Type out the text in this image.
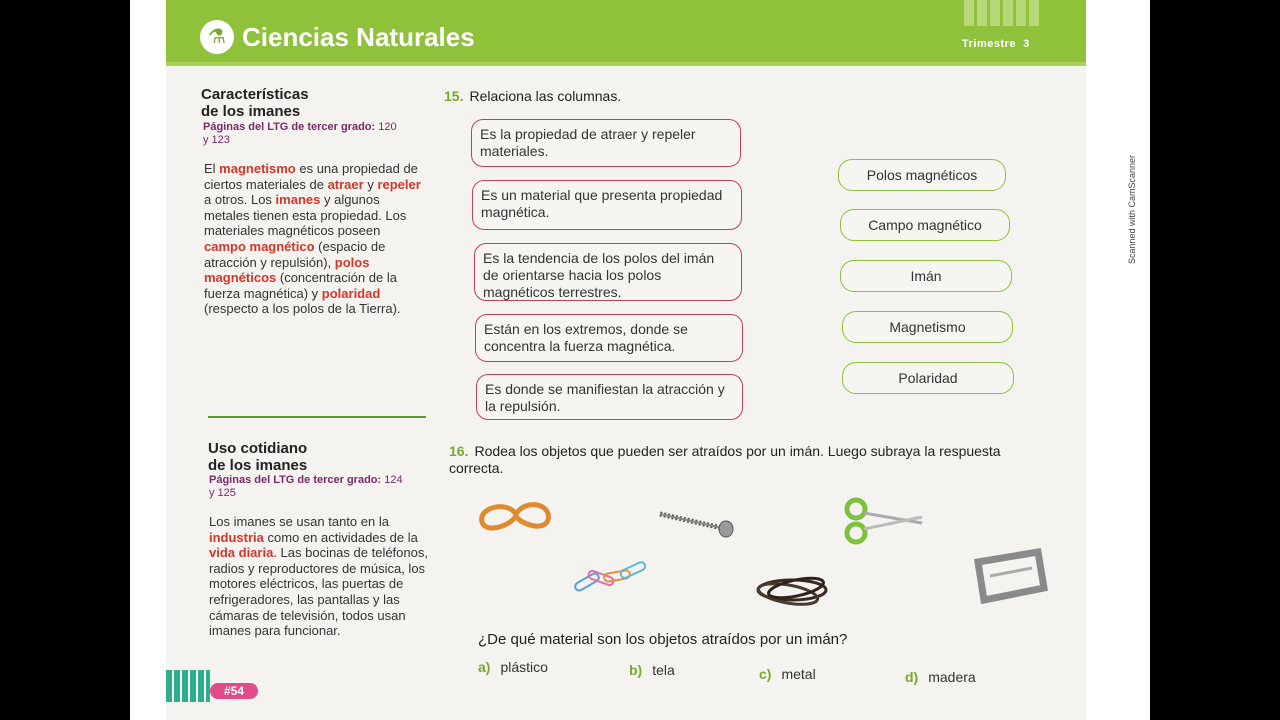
Scanned with CamScanner
⚗ Ciencias Naturales	Trimestre 3
Características
de los imanes
Páginas del LTG de tercer grado: 120
y 123
El magnetismo es una propiedad de ciertos materiales de atraer y repeler a otros. Los imanes y algunos metales tienen esta propiedad. Los materiales magnéticos poseen campo magnético (espacio de atracción y repulsión), polos magnéticos (concentración de la fuerza magnética) y polaridad (respecto a los polos de la Tierra).
Uso cotidiano
de los imanes
Páginas del LTG de tercer grado: 124
y 125
Los imanes se usan tanto en la industria como en actividades de la vida diaria. Las bocinas de teléfonos, radios y reproductores de música, los motores eléctricos, las puertas de refrigeradores, las pantallas y las cámaras de televisión, todos usan imanes para funcionar.
15. Relaciona las columnas.
Es la propiedad de atraer y repeler materiales.
Es un material que presenta propiedad magnética.
Es la tendencia de los polos del imán de orientarse hacia los polos magnéticos terrestres.
Están en los extremos, donde se concentra la fuerza magnética.
Es donde se manifiestan la atracción y la repulsión.
Polos magnéticos
Campo magnético
Imán
Magnetismo
Polaridad
16. Rodea los objetos que pueden ser atraídos por un imán. Luego subraya la respuesta correcta.
¿De qué material son los objetos atraídos por un imán?
a) plástico	b) tela	c) metal	d) madera
#54
